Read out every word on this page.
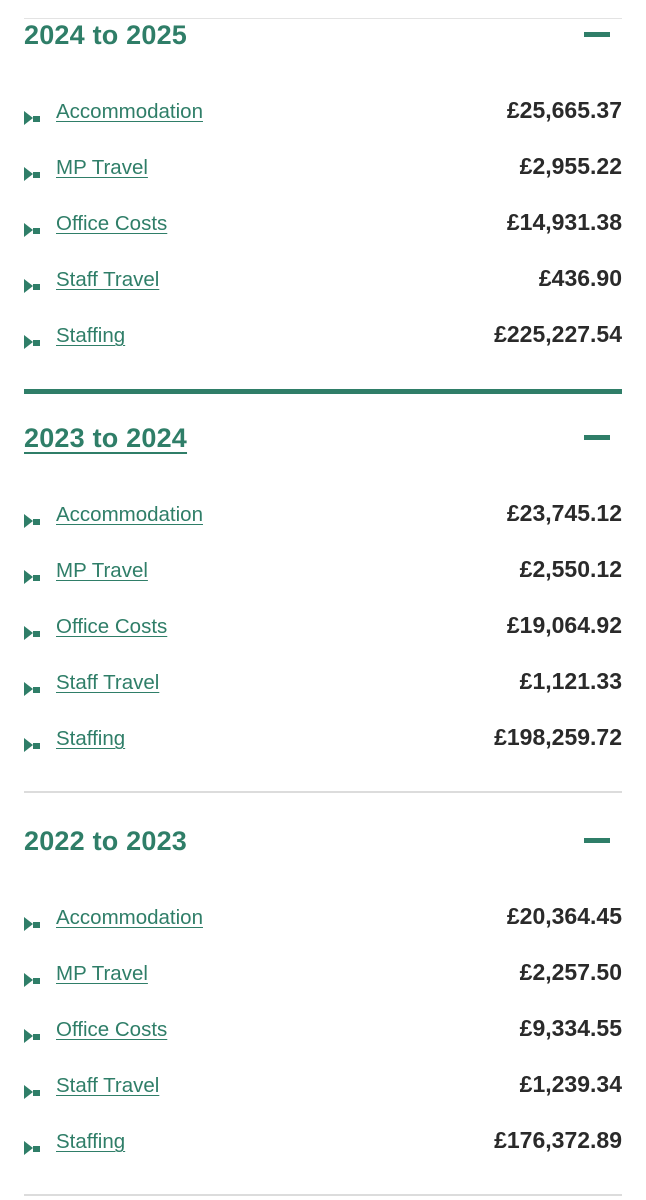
2024 to 2025
Accommodation	£25,665.37
MP Travel	£2,955.22
Office Costs	£14,931.38
Staff Travel	£436.90
Staffing	£225,227.54
2023 to 2024
Accommodation	£23,745.12
MP Travel	£2,550.12
Office Costs	£19,064.92
Staff Travel	£1,121.33
Staffing	£198,259.72
2022 to 2023
Accommodation	£20,364.45
MP Travel	£2,257.50
Office Costs	£9,334.55
Staff Travel	£1,239.34
Staffing	£176,372.89
